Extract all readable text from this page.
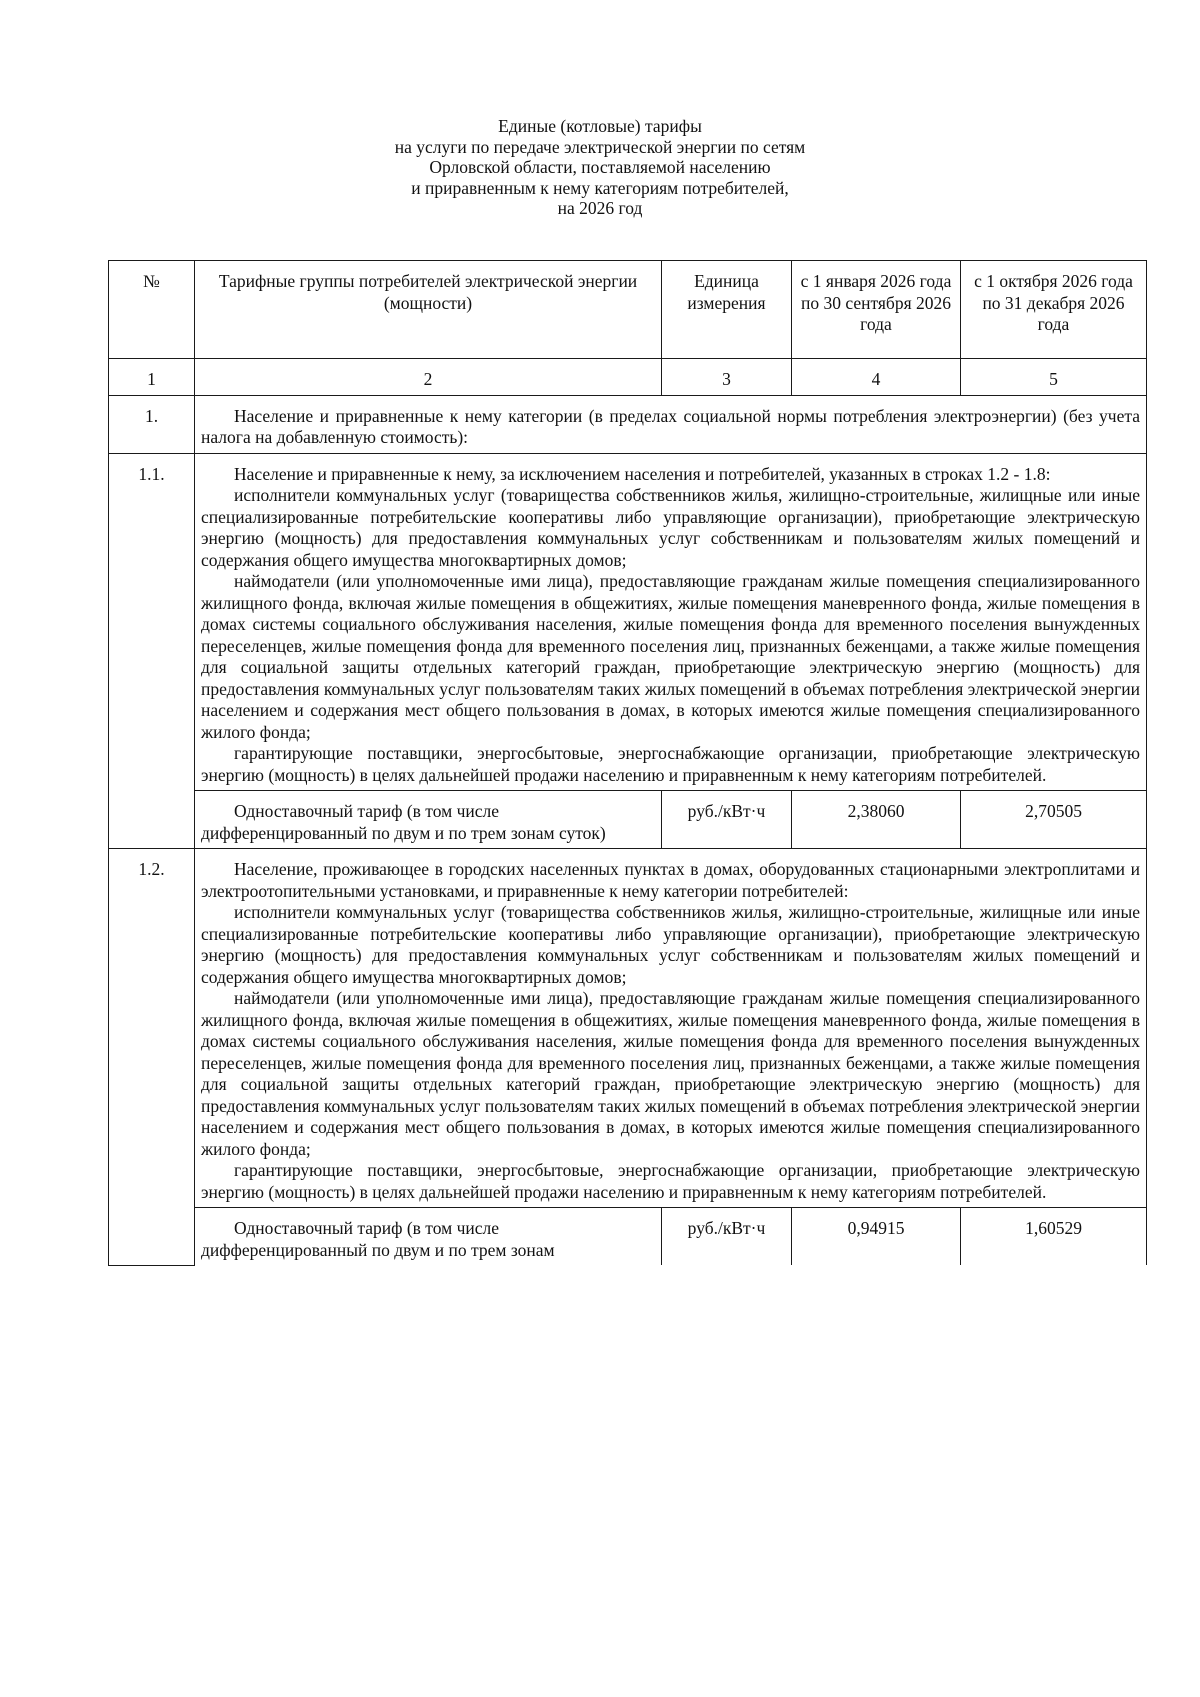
Единые (котловые) тарифы
на услуги по передаче электрической энергии по сетям
Орловской области, поставляемой населению
и приравненным к нему категориям потребителей,
на 2026 год
№	Тарифные группы потребителей электрической энергии (мощности)	Единица измерения	с 1 января 2026 года по 30 сентября 2026 года	с 1 октября 2026 года по 31 декабря 2026 года
1	2	3	4	5
1.	Население и приравненные к нему категории (в пределах социальной нормы потребления электроэнергии) (без учета налога на добавленную стоимость):			

1.1.	Население и приравненные к нему, за исключением населения и потребителей, указанных в строках 1.2 - 1.8:

исполнители коммунальных услуг (товарищества собственников жилья, жилищно-строительные, жилищные или иные специализированные потребительские кооперативы либо управляющие организации), приобретающие электрическую энергию (мощность) для предоставления коммунальных услуг собственникам и пользователям жилых помещений и содержания общего имущества многоквартирных домов;

наймодатели (или уполномоченные ими лица), предоставляющие гражданам жилые помещения специализированного жилищного фонда, включая жилые помещения в общежитиях, жилые помещения маневренного фонда, жилые помещения в домах системы социального обслуживания населения, жилые помещения фонда для временного поселения вынужденных переселенцев, жилые помещения фонда для временного поселения лиц, признанных беженцами, а также жилые помещения для социальной защиты отдельных категорий граждан, приобретающие электрическую энергию (мощность) для предоставления коммунальных услуг пользователям таких жилых помещений в объемах потребления электрической энергии населением и содержания мест общего пользования в домах, в которых имеются жилые помещения специализированного жилого фонда;

гарантирующие поставщики, энергосбытовые, энергоснабжающие организации, приобретающие электрическую энергию (мощность) в целях дальнейшей продажи населению и приравненным к нему категориям потребителей.			

	Одноставочный тариф (в том числе дифференцированный по двум и по трем зонам суток)	руб./кВт·ч	2,38060	2,70505
1.2.	Население, проживающее в городских населенных пунктах в домах, оборудованных стационарными электроплитами и электроотопительными установками, и приравненные к нему категории потребителей:

исполнители коммунальных услуг (товарищества собственников жилья, жилищно-строительные, жилищные или иные специализированные потребительские кооперативы либо управляющие организации), приобретающие электрическую энергию (мощность) для предоставления коммунальных услуг собственникам и пользователям жилых помещений и содержания общего имущества многоквартирных домов;

наймодатели (или уполномоченные ими лица), предоставляющие гражданам жилые помещения специализированного жилищного фонда, включая жилые помещения в общежитиях, жилые помещения маневренного фонда, жилые помещения в домах системы социального обслуживания населения, жилые помещения фонда для временного поселения вынужденных переселенцев, жилые помещения фонда для временного поселения лиц, признанных беженцами, а также жилые помещения для социальной защиты отдельных категорий граждан, приобретающие электрическую энергию (мощность) для предоставления коммунальных услуг пользователям таких жилых помещений в объемах потребления электрической энергии населением и содержания мест общего пользования в домах, в которых имеются жилые помещения специализированного жилого фонда;

гарантирующие поставщики, энергосбытовые, энергоснабжающие организации, приобретающие электрическую энергию (мощность) в целях дальнейшей продажи населению и приравненным к нему категориям потребителей.			

	Одноставочный тариф (в том числе дифференцированный по двум и по трем зонам	руб./кВт·ч	0,94915	1,60529
